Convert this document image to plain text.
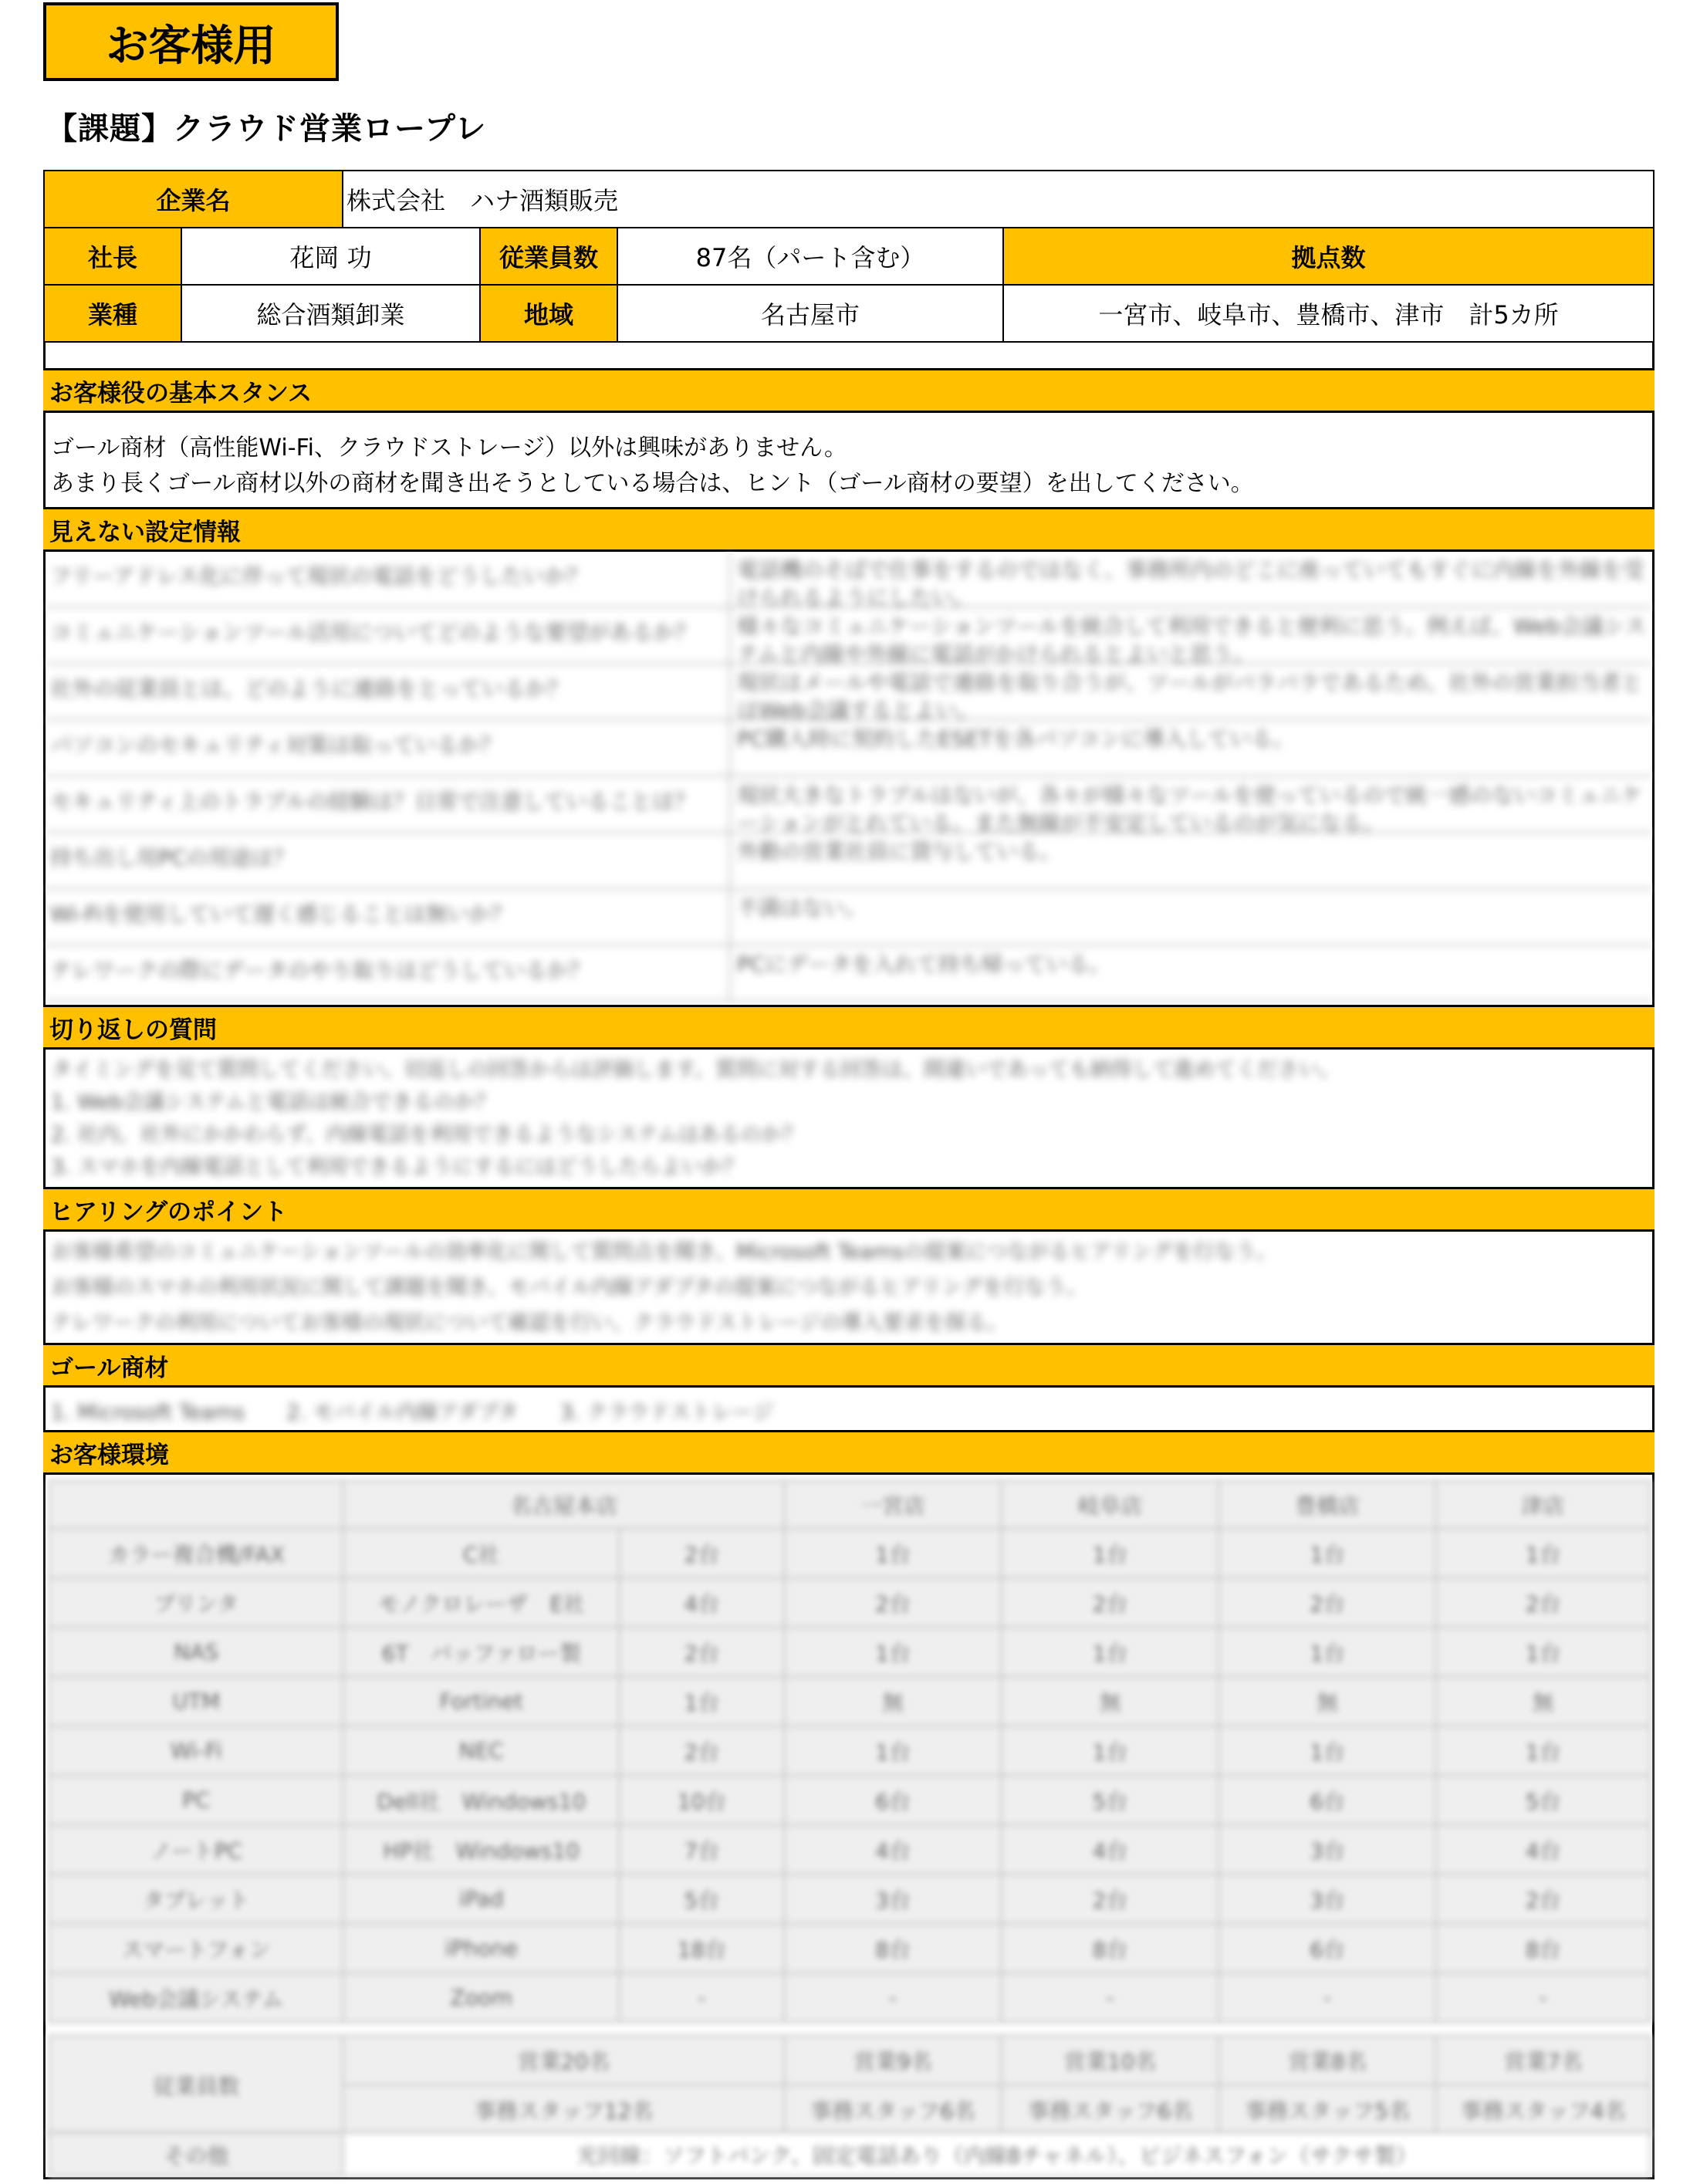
お客様用
【課題】クラウド営業ロープレ
企業名	株式会社　ハナ酒類販売
社長	花岡 功	従業員数	87名（パート含む）	拠点数
業種	総合酒類卸業	地域	名古屋市	一宮市、岐阜市、豊橋市、津市　計5カ所
お客様役の基本スタンス
ゴール商材（高性能Wi-Fi、クラウドストレージ）以外は興味がありません。
あまり長くゴール商材以外の商材を聞き出そうとしている場合は、ヒント（ゴール商材の要望）を出してください。
見えない設定情報
フリーアドレス化に伴って現状の電話をどうしたいか？	電話機のそばで仕事をするのではなく、事務所内のどこに座っていてもすぐに内線を外線を受けられるようにしたい。
コミュニケーションツール活用についてどのような要望があるか？	様々なコミュニケーションツールを統合して利用できると便利に思う。例えば、Web会議システムと内線や外線に電話がかけられるとよいと思う。
社外の従業員とは、どのように連絡をとっているか？	現状はメールや電話で連絡を取り合うが、ツールがバラバラであるため、社外の営業担当者とはWeb会議するとよい。
パソコンのセキュリティ対策は取っているか？	PC購入時に契約したESETを各パソコンに導入している。
セキュリティ上のトラブルの経験は？日常で注意していることは？	現状大きなトラブルはないが、各々が様々なツールを使っているので統一感のないコミュニケーションがとれている。また無線が不安定しているのが気になる。
持ち出し用PCの用途は？	外勤の営業社員に貸与している。
Wi-Fiを使用していて遅く感じることは無いか？	不満はない。
テレワークの際にデータのやり取りはどうしているか？	PCにデータを入れて持ち帰っている。
切り返しの質問
タイミングを見て質問してください。切返しの回答からは評価します。質問に対する回答は、間違いであっても納得して進めてください。
1. Web会議システムと電話は統合できるのか？
2. 社内、社外にかかわらず、内線電話を利用できるようなシステムはあるのか？
3. スマホを内線電話として利用できるようにするにはどうしたらよいか？
ヒアリングのポイント
お客様希望のコミュニケーションツールの効率化に関して質問点を聞き、Microsoft Teamsの提案につながるヒアリングを行なう。
お客様のスマホの利用状況に関して課題を聞き、モバイル内線アダプタの提案につながるヒアリングを行なう。
テレワークの利用についてお客様の現状について確認を行い、クラウドストレージの導入要求を探る。
ゴール商材
1. Microsoft Teams　　2. モバイル内線アダプタ　　3. クラウドストレージ
お客様環境
	名古屋本店		一宮店	岐阜店	豊橋店	津店
カラー複合機/FAX	C社	2台	1台	1台	1台	1台
プリンタ	モノクロレーザ　E社	4台	2台	2台	2台	2台
NAS	6T　バッファロー製	2台	1台	1台	1台	1台
UTM	Fortinet	1台	無	無	無	無
Wi-Fi	NEC	2台	1台	1台	1台	1台
PC	Dell社　Windows10	10台	6台	5台	6台	5台
ノートPC	HP社　Windows10	7台	4台	4台	3台	4台
タブレット	iPad	5台	3台	2台	3台	2台
スマートフォン	iPhone	18台	8台	8台	6台	8台
Web会議システム	Zoom	-	-	-	-	-
従業員数	営業20名	営業9名	営業10名	営業8名	営業7名
	事務スタッフ12名	事務スタッフ6名	事務スタッフ6名	事務スタッフ5名	事務スタッフ4名
その他	光回線：ソフトバンク、固定電話あり（内線8チャネル）、ビジネスフォン（サクサ製）
